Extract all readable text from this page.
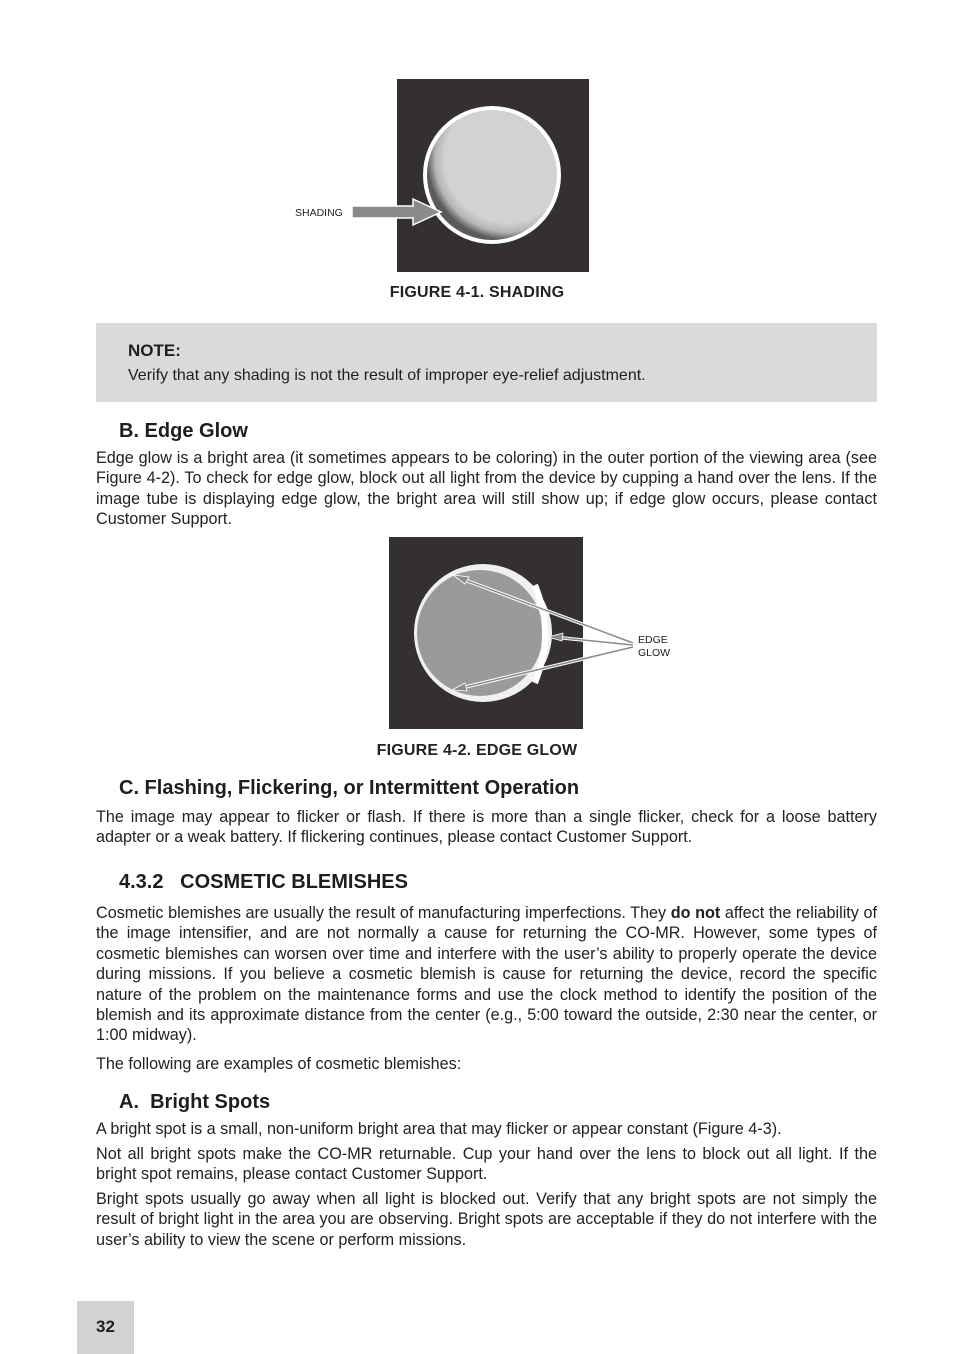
SHADING
FIGURE 4-1. SHADING
NOTE:
Verify that any shading is not the result of improper eye-relief adjustment.
B. Edge Glow

Edge glow is a bright area (it sometimes appears to be coloring) in the outer portion of the viewing area (see Figure 4-2). To check for edge glow, block out all light from the device by cupping a hand over the lens. If the image tube is displaying edge glow, the bright area will still show up; if edge glow occurs, please contact Customer Support.

EDGE
GLOW
FIGURE 4-2. EDGE GLOW
C. Flashing, Flickering, or Intermittent Operation

The image may appear to flicker or flash. If there is more than a single flicker, check for a loose battery adapter or a weak battery. If flickering continues, please contact Customer Support.

4.3.2   COSMETIC BLEMISHES

Cosmetic blemishes are usually the result of manufacturing imperfections. They do not affect the reliability of the image intensifier, and are not normally a cause for returning the CO-MR. However, some types of cosmetic blemishes can worsen over time and interfere with the user’s ability to properly operate the device during missions. If you believe a cosmetic blemish is cause for returning the device, record the specific nature of the problem on the maintenance forms and use the clock method to identify the position of the blemish and its approximate distance from the center (e.g., 5:00 toward the outside, 2:30 near the center, or 1:00 midway).

The following are examples of cosmetic blemishes:

A.  Bright Spots

A bright spot is a small, non-uniform bright area that may flicker or appear constant (Figure 4-3).

Not all bright spots make the CO-MR returnable. Cup your hand over the lens to block out all light. If the bright spot remains, please contact Customer Support.

Bright spots usually go away when all light is blocked out. Verify that any bright spots are not simply the result of bright light in the area you are observing. Bright spots are acceptable if they do not interfere with the user’s ability to view the scene or perform missions.

32
